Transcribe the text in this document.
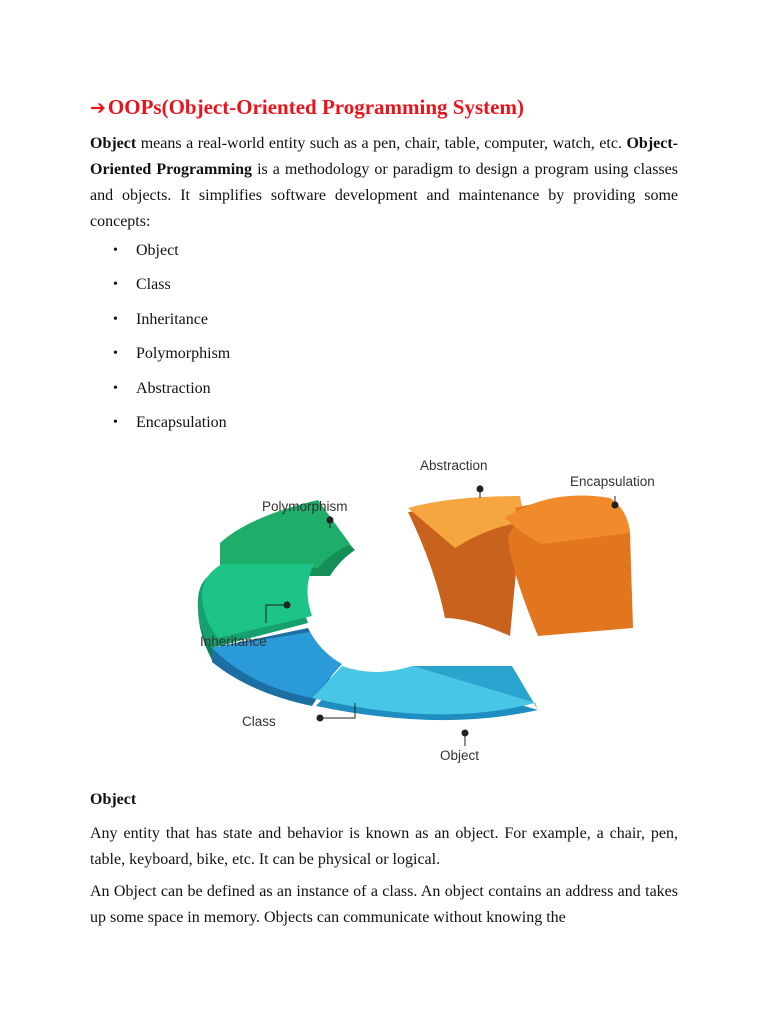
➔OOPs(Object-Oriented Programming System)

Object means a real-world entity such as a pen, chair, table, computer, watch, etc. Object-Oriented Programming is a methodology or paradigm to design a program using classes and objects. It simplifies software development and maintenance by providing some concepts:

• Object
• Class
• Inheritance
• Polymorphism
• Abstraction
• Encapsulation
Abstraction
Encapsulation
Polymorphism
Inheritance
Class
Object
Object

Any entity that has state and behavior is known as an object. For example, a chair, pen, table, keyboard, bike, etc. It can be physical or logical.

An Object can be defined as an instance of a class. An object contains an address and takes up some space in memory. Objects can communicate without knowing the
